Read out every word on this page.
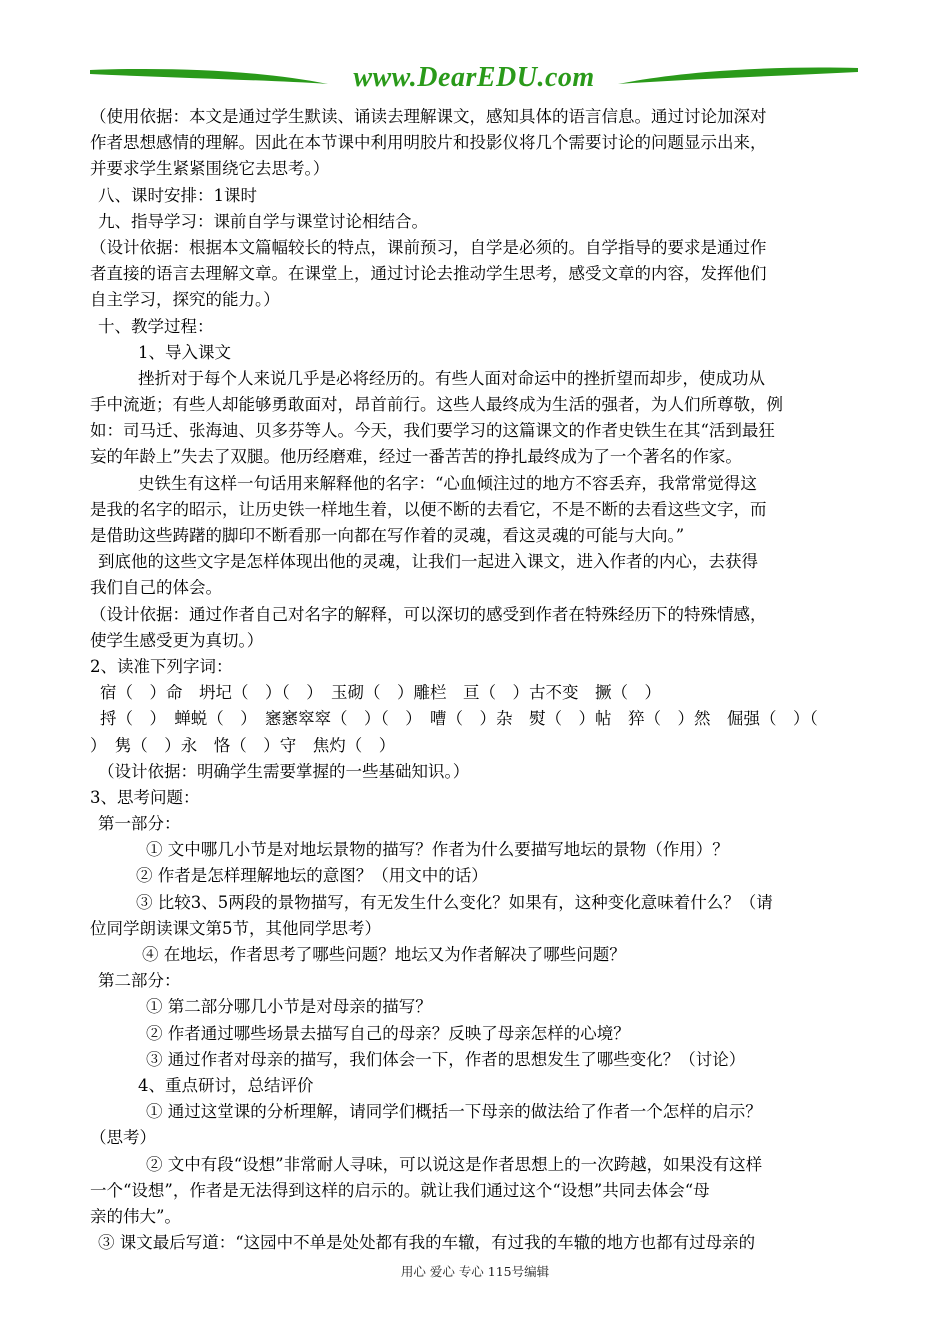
www.DearEDU.com
（使用依据：本文是通过学生默读、诵读去理解课文，感知具体的语言信息。通过讨论加深对
作者思想感情的理解。因此在本节课中利用明胶片和投影仪将几个需要讨论的问题显示出来，
并要求学生紧紧围绕它去思考。）
八、课时安排：1课时
九、指导学习：课前自学与课堂讨论相结合。
（设计依据：根据本文篇幅较长的特点，课前预习，自学是必须的。自学指导的要求是通过作
者直接的语言去理解文章。在课堂上，通过讨论去推动学生思考，感受文章的内容，发挥他们
自主学习，探究的能力。）
十、教学过程：
1、导入课文
挫折对于每个人来说几乎是必将经历的。有些人面对命运中的挫折望而却步，使成功从
手中流逝；有些人却能够勇敢面对，昂首前行。这些人最终成为生活的强者，为人们所尊敬，例
如：司马迁、张海迪、贝多芬等人。今天，我们要学习的这篇课文的作者史铁生在其“活到最狂
妄的年龄上”失去了双腿。他历经磨难，经过一番苦苦的挣扎最终成为了一个著名的作家。
史铁生有这样一句话用来解释他的名字：“心血倾注过的地方不容丢弃，我常常觉得这
是我的名字的昭示，让历史铁一样地生着，以便不断的去看它，不是不断的去看这些文字，而
是借助这些踌躇的脚印不断看那一向都在写作着的灵魂，看这灵魂的可能与大向。”
到底他的这些文字是怎样体现出他的灵魂，让我们一起进入课文，进入作者的内心，去获得
我们自己的体会。
（设计依据：通过作者自己对名字的解释，可以深切的感受到作者在特殊经历下的特殊情感，
使学生感受更为真切。）
2、读准下列字词：
宿（　）命　坍圮（　）（　）　玉砌（　）雕栏　亘（　）古不变　撅（　）
捋（　）　蝉蜕（　）　窸窸窣窣（　）（　）　嘈（　）杂　熨（　）帖　猝（　）然　倔强（　）（
）　隽（　）永　恪（　）守　焦灼（　）
（设计依据：明确学生需要掌握的一些基础知识。）
3、思考问题：
第一部分：
① 文中哪几小节是对地坛景物的描写？作者为什么要描写地坛的景物（作用）？
② 作者是怎样理解地坛的意图？（用文中的话）
③ 比较3、5两段的景物描写，有无发生什么变化？如果有，这种变化意味着什么？（请
位同学朗读课文第5节，其他同学思考）
④ 在地坛，作者思考了哪些问题？地坛又为作者解决了哪些问题？
第二部分：
① 第二部分哪几小节是对母亲的描写？
② 作者通过哪些场景去描写自己的母亲？反映了母亲怎样的心境？
③ 通过作者对母亲的描写，我们体会一下，作者的思想发生了哪些变化？（讨论）
4、重点研讨，总结评价
① 通过这堂课的分析理解，请同学们概括一下母亲的做法给了作者一个怎样的启示？
（思考）
② 文中有段“设想”非常耐人寻味，可以说这是作者思想上的一次跨越，如果没有这样
一个“设想”，作者是无法得到这样的启示的。就让我们通过这个“设想”共同去体会“母
亲的伟大”。
③ 课文最后写道：“这园中不单是处处都有我的车辙，有过我的车辙的地方也都有过母亲的
用心 爱心 专心 115号编辑
